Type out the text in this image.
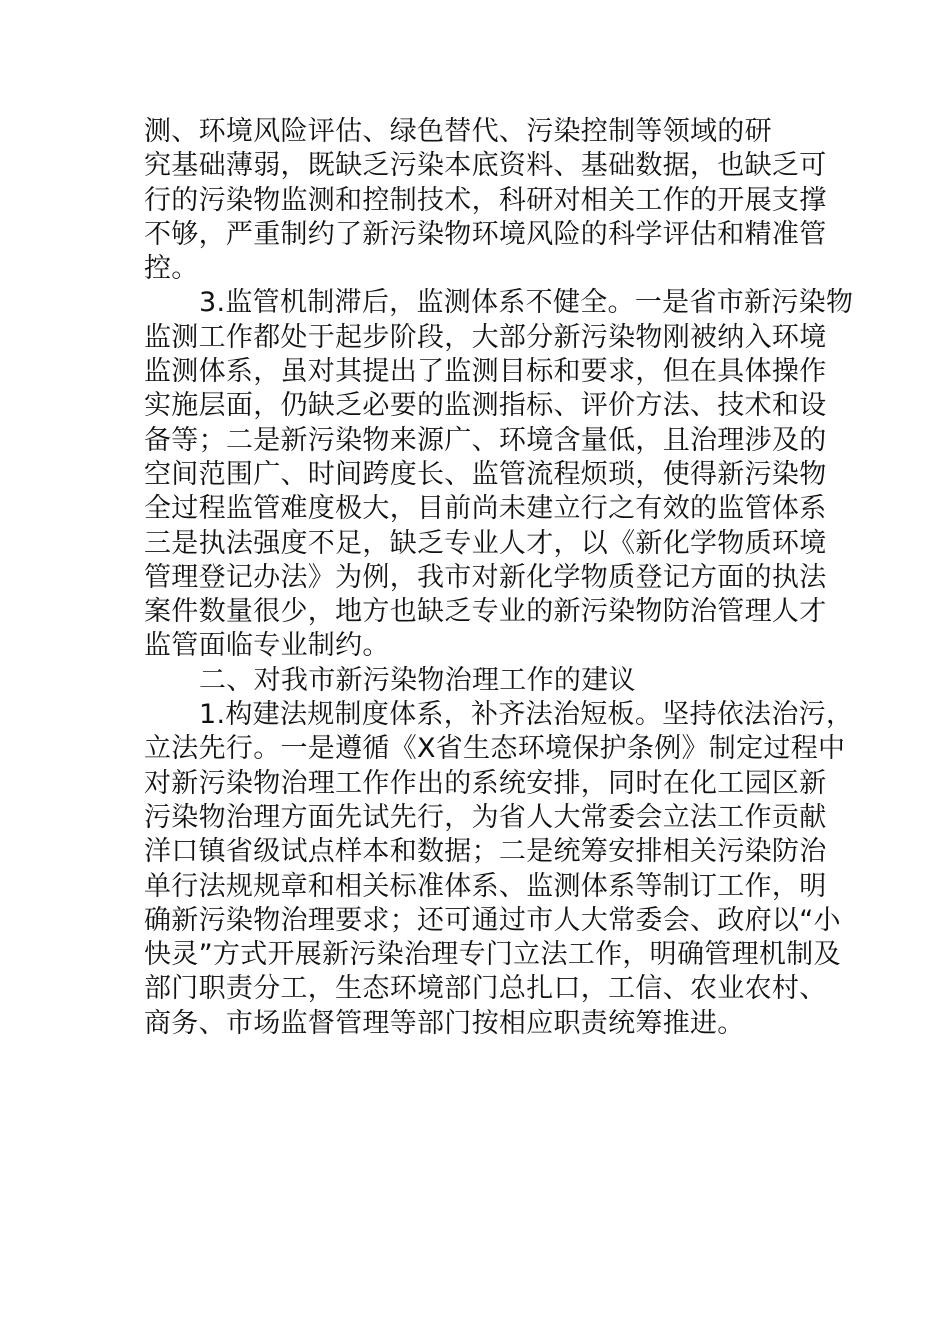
测、环境风险评估、绿色替代、污染控制等领域的研
究基础薄弱，既缺乏污染本底资料、基础数据，也缺乏可
行的污染物监测和控制技术，科研对相关工作的开展支撑
不够，严重制约了新污染物环境风险的科学评估和精准管
控。
3.监管机制滞后，监测体系不健全。一是省市新污染物
监测工作都处于起步阶段，大部分新污染物刚被纳入环境
监测体系，虽对其提出了监测目标和要求，但在具体操作
实施层面，仍缺乏必要的监测指标、评价方法、技术和设
备等；二是新污染物来源广、环境含量低，且治理涉及的
空间范围广、时间跨度长、监管流程烦琐，使得新污染物
全过程监管难度极大，目前尚未建立行之有效的监管体系
三是执法强度不足，缺乏专业人才，以《新化学物质环境
管理登记办法》为例，我市对新化学物质登记方面的执法
案件数量很少，地方也缺乏专业的新污染物防治管理人才
监管面临专业制约。
二、对我市新污染物治理工作的建议
1.构建法规制度体系，补齐法治短板。坚持依法治污，
立法先行。一是遵循《X省生态环境保护条例》制定过程中
对新污染物治理工作作出的系统安排，同时在化工园区新
污染物治理方面先试先行，为省人大常委会立法工作贡献
洋口镇省级试点样本和数据；二是统筹安排相关污染防治
单行法规规章和相关标准体系、监测体系等制订工作，明
确新污染物治理要求；还可通过市人大常委会、政府以“小
快灵”方式开展新污染治理专门立法工作，明确管理机制及
部门职责分工，生态环境部门总扎口，工信、农业农村、
商务、市场监督管理等部门按相应职责统筹推进。
